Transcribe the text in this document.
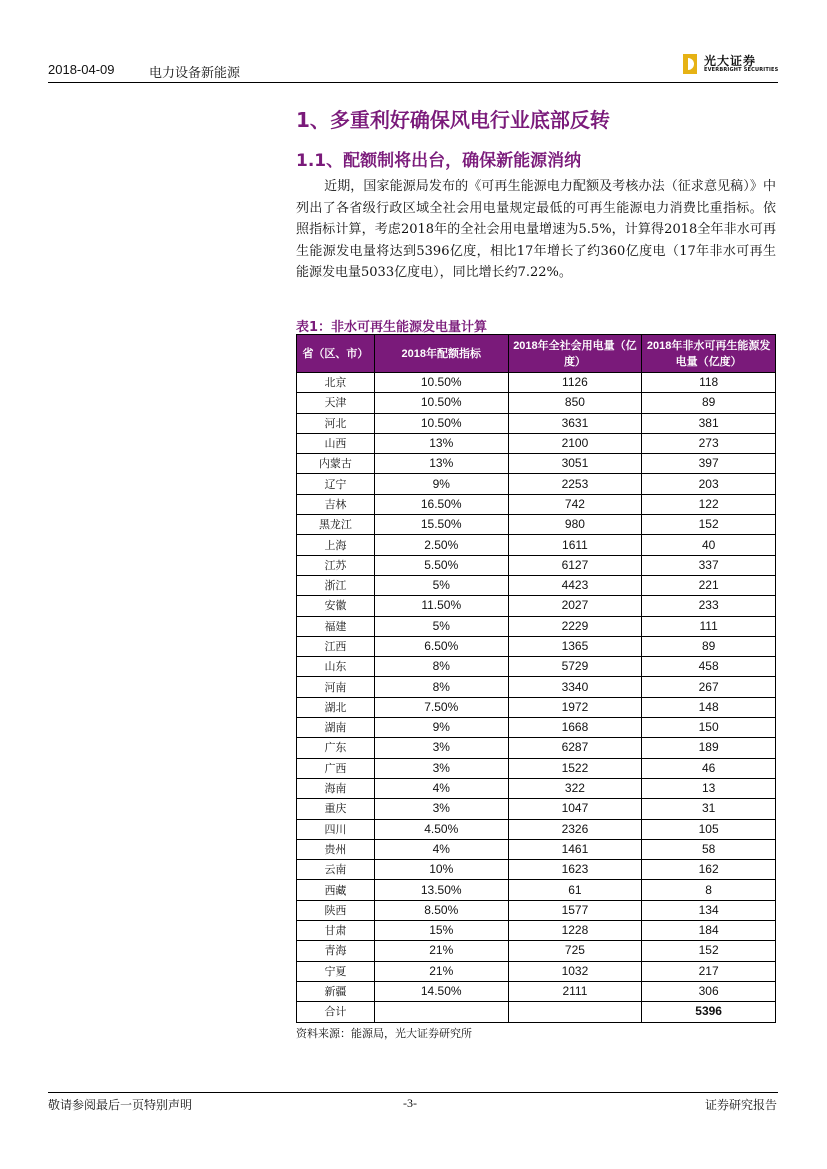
2018-04-09	电力设备新能源
光大证券
EVERBRIGHT SECURITIES
1、多重利好确保风电行业底部反转
1.1、配额制将出台，确保新能源消纳
近期，国家能源局发布的《可再生能源电力配额及考核办法（征求意见稿）》中列出了各省级行政区域全社会用电量规定最低的可再生能源电力消费比重指标。依照指标计算，考虑2018年的全社会用电量增速为5.5%，计算得2018全年非水可再生能源发电量将达到5396亿度，相比17年增长了约360亿度电（17年非水可再生能源发电量5033亿度电），同比增长约7.22%。
表1：非水可再生能源发电量计算
省（区、市）	2018年配额指标	2018年全社会用电量（亿度）	2018年非水可再生能源发电量（亿度）
北京	10.50%	1126	118
天津	10.50%	850	89
河北	10.50%	3631	381
山西	13%	2100	273
内蒙古	13%	3051	397
辽宁	9%	2253	203
吉林	16.50%	742	122
黑龙江	15.50%	980	152
上海	2.50%	1611	40
江苏	5.50%	6127	337
浙江	5%	4423	221
安徽	11.50%	2027	233
福建	5%	2229	111
江西	6.50%	1365	89
山东	8%	5729	458
河南	8%	3340	267
湖北	7.50%	1972	148
湖南	9%	1668	150
广东	3%	6287	189
广西	3%	1522	46
海南	4%	322	13
重庆	3%	1047	31
四川	4.50%	2326	105
贵州	4%	1461	58
云南	10%	1623	162
西藏	13.50%	61	8
陕西	8.50%	1577	134
甘肃	15%	1228	184
青海	21%	725	152
宁夏	21%	1032	217
新疆	14.50%	2111	306
合计			5396
资料来源：能源局，光大证券研究所
敬请参阅最后一页特别声明	-3-	证券研究报告
